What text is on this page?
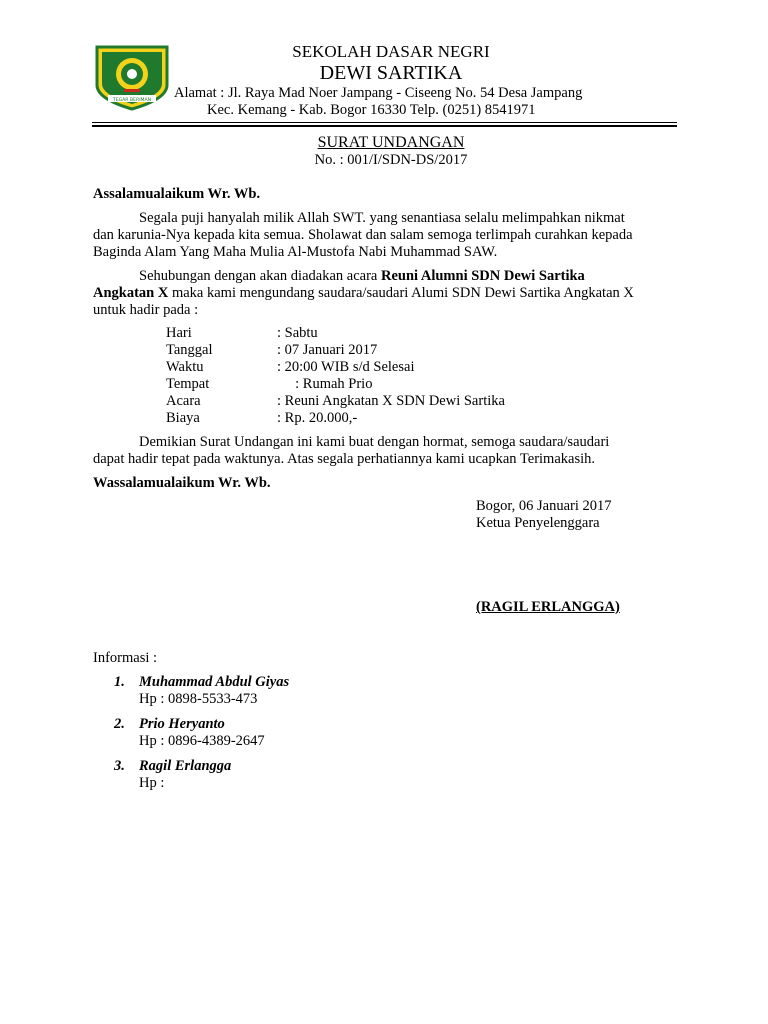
TEGAR BERIMAN
SEKOLAH DASAR NEGRI
DEWI SARTIKA
Alamat : Jl. Raya Mad Noer Jampang - Ciseeng No. 54 Desa Jampang
Kec. Kemang - Kab. Bogor 16330 Telp. (0251) 8541971
SURAT UNDANGAN
No. : 001/I/SDN-DS/2017
Assalamualaikum Wr. Wb.
Segala puji hanyalah milik Allah SWT. yang senantiasa selalu melimpahkan nikmat
dan karunia-Nya kepada kita semua. Sholawat dan salam semoga terlimpah curahkan kepada
Baginda Alam Yang Maha Mulia Al-Mustofa Nabi Muhammad SAW.
Sehubungan dengan akan diadakan acara Reuni Alumni SDN Dewi Sartika
Angkatan X maka kami mengundang saudara/saudari Alumi SDN Dewi Sartika Angkatan X
untuk hadir pada :
Hari	: Sabtu
Tanggal	: 07 Januari 2017
Waktu	: 20:00 WIB s/d Selesai
Tempat	: Rumah Prio
Acara	: Reuni Angkatan X SDN Dewi Sartika
Biaya	: Rp. 20.000,-
Demikian Surat Undangan ini kami buat dengan hormat, semoga saudara/saudari
dapat hadir tepat pada waktunya. Atas segala perhatiannya kami ucapkan Terimakasih.
Wassalamualaikum Wr. Wb.
Bogor, 06 Januari 2017
Ketua Penyelenggara
(RAGIL ERLANGGA)
Informasi :
1. Muhammad Abdul Giyas
Hp : 0898-5533-473
2. Prio Heryanto
Hp : 0896-4389-2647
3. Ragil Erlangga
Hp :
